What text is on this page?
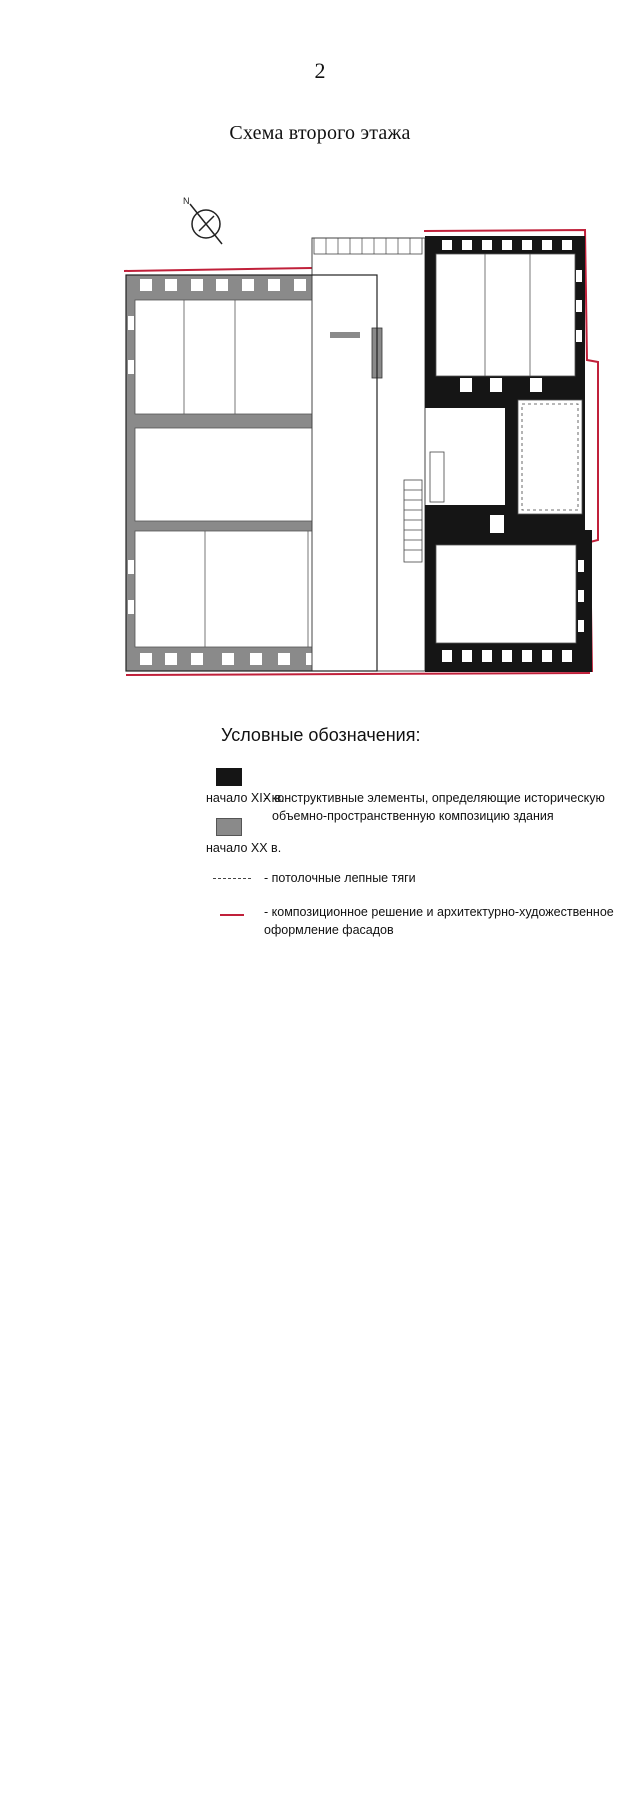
2
Схема второго этажа
N
Условные обозначения:
начало XIX в.
- конструктивные элементы, определяющие историческую
объемно-пространственную композицию здания
начало XX в.
- потолочные лепные тяги
- композиционное решение и архитектурно-художественное
оформление фасадов
